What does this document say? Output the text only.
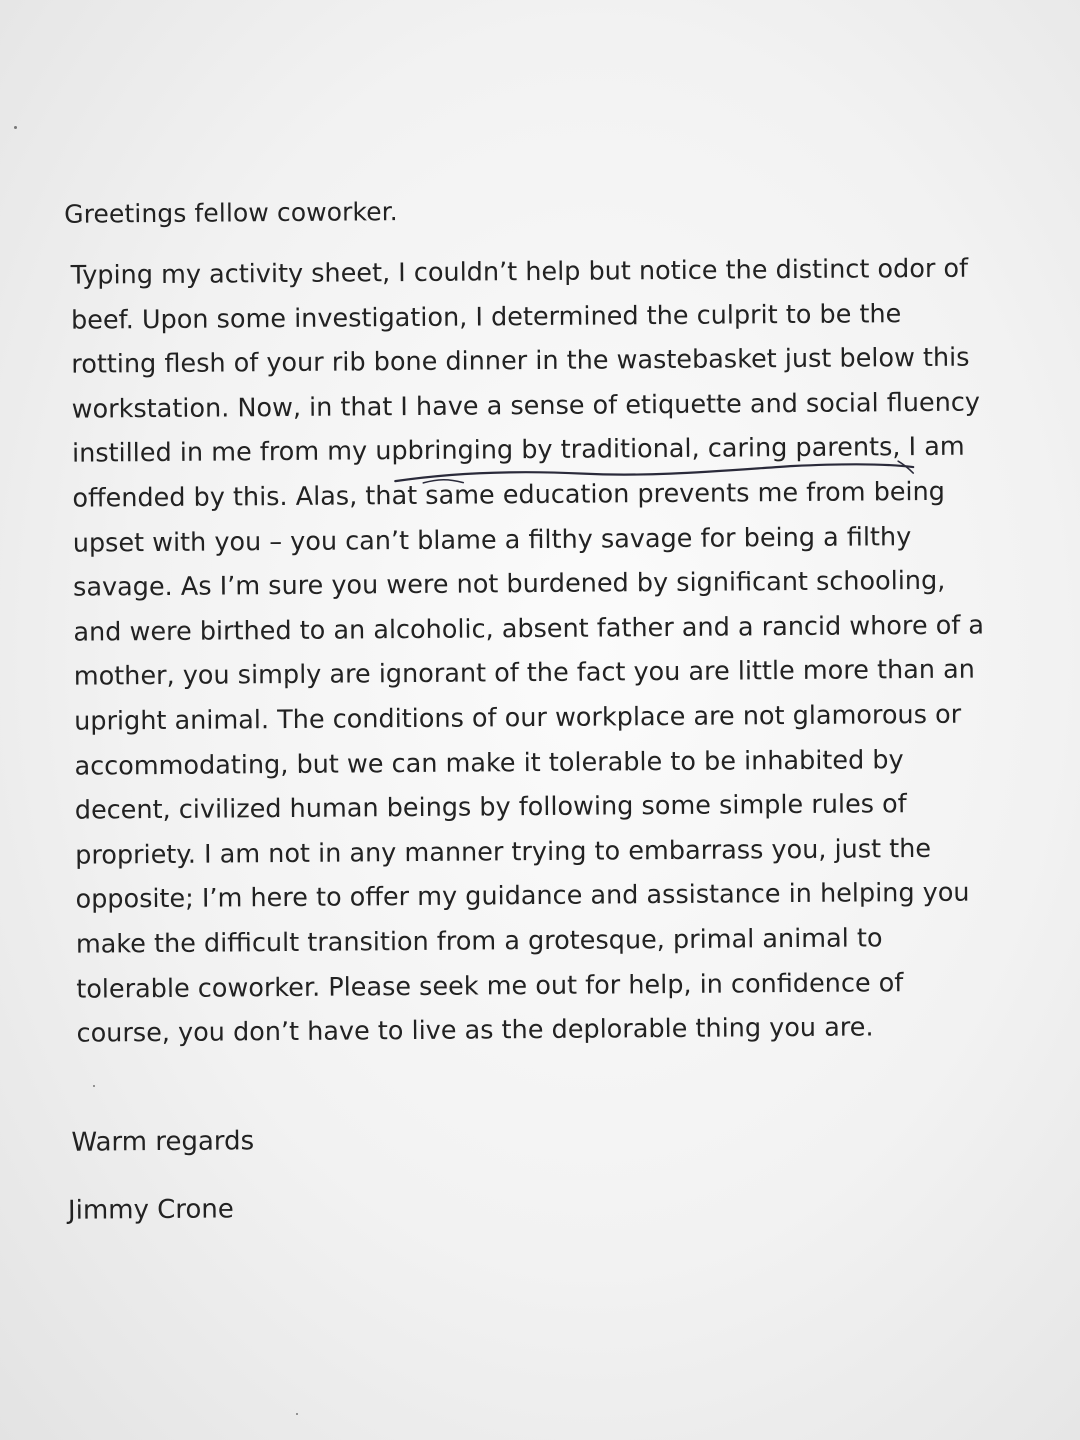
Greetings fellow coworker.

Typing my activity sheet, I couldn’t help but notice the distinct odor of
beef. Upon some investigation, I determined the culprit to be the
rotting flesh of your rib bone dinner in the wastebasket just below this
workstation. Now, in that I have a sense of etiquette and social fluency
instilled in me from my upbringing by traditional, caring parents, I am
offended by this. Alas, that same education prevents me from being
upset with you – you can’t blame a filthy savage for being a filthy
savage. As I’m sure you were not burdened by significant schooling,
and were birthed to an alcoholic, absent father and a rancid whore of a
mother, you simply are ignorant of the fact you are little more than an
upright animal. The conditions of our workplace are not glamorous or
accommodating, but we can make it tolerable to be inhabited by
decent, civilized human beings by following some simple rules of
propriety. I am not in any manner trying to embarrass you, just the
opposite; I’m here to offer my guidance and assistance in helping you
make the difficult transition from a grotesque, primal animal to
tolerable coworker. Please seek me out for help, in confidence of
course, you don’t have to live as the deplorable thing you are.

Warm regards

Jimmy Crone
